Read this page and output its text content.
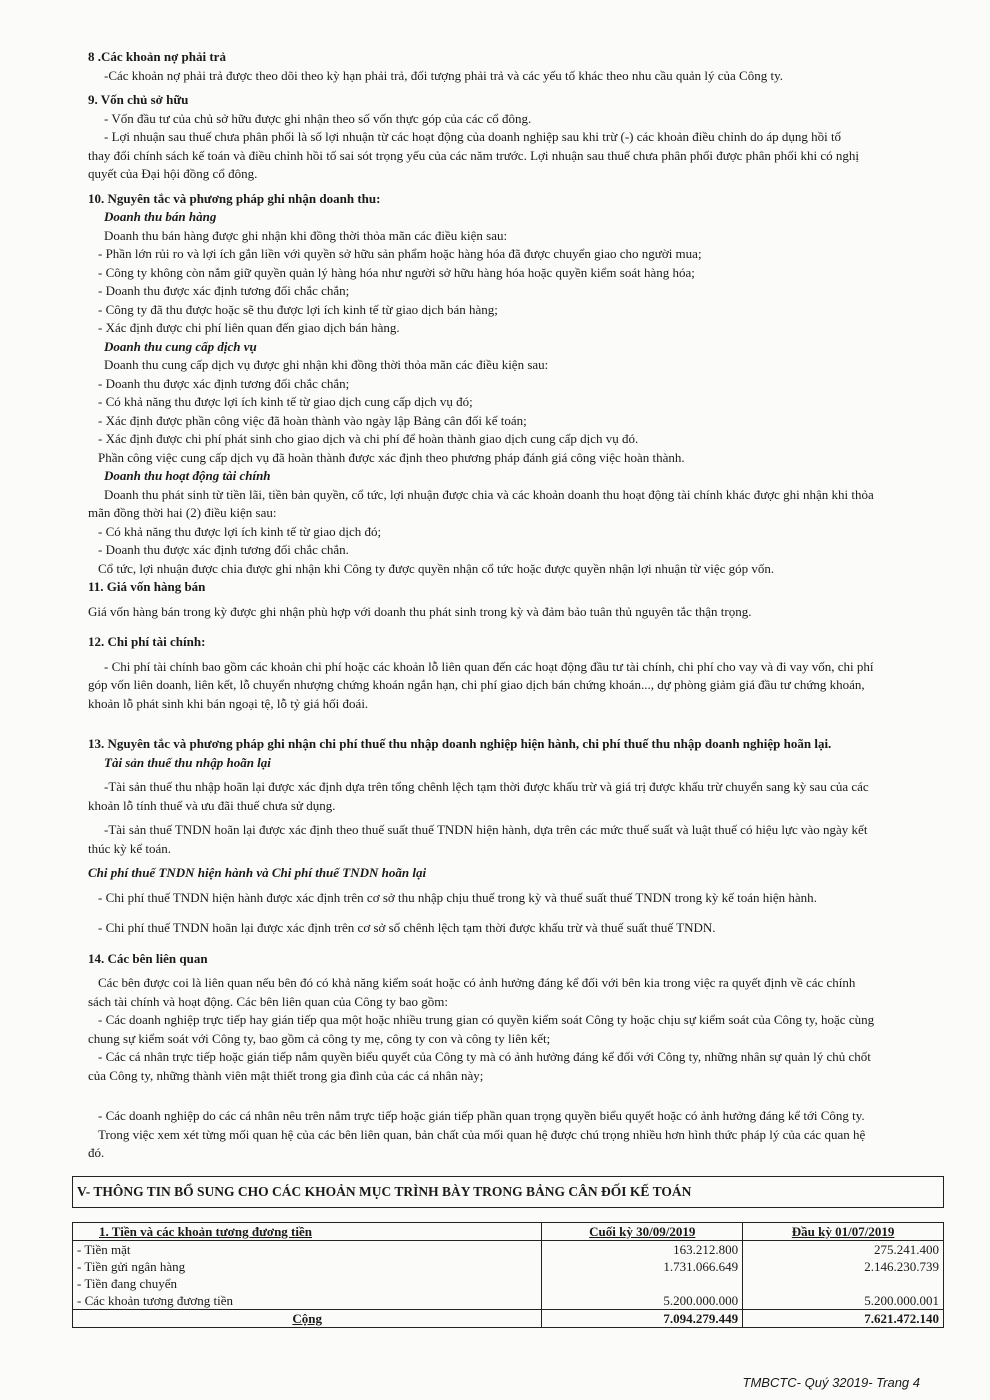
8 .Các khoản nợ phải trả

-Các khoản nợ phải trả được theo dõi theo kỳ hạn phải trả, đối tượng phải trả và các yếu tố khác theo nhu cầu quản lý của Công ty.

9. Vốn chủ sở hữu

- Vốn đầu tư của chủ sở hữu được ghi nhận theo số vốn thực góp của các cổ đông.

- Lợi nhuận sau thuế chưa phân phối là số lợi nhuận từ các hoạt động của doanh nghiệp sau khi trừ (-) các khoản điều chỉnh do áp dụng hồi tố

thay đổi chính sách kế toán và điều chỉnh hồi tố sai sót trọng yếu của các năm trước. Lợi nhuận sau thuế chưa phân phối được phân phối khi có nghị

quyết của Đại hội đồng cổ đông.

10. Nguyên tắc và phương pháp ghi nhận doanh thu:

Doanh thu bán hàng

Doanh thu bán hàng được ghi nhận khi đồng thời thỏa mãn các điều kiện sau:

- Phần lớn rủi ro và lợi ích gắn liền với quyền sở hữu sản phẩm hoặc hàng hóa đã được chuyển giao cho người mua;

- Công ty không còn nắm giữ quyền quản lý hàng hóa như người sở hữu hàng hóa hoặc quyền kiểm soát hàng hóa;

- Doanh thu được xác định tương đối chắc chắn;

- Công ty đã thu được hoặc sẽ thu được lợi ích kinh tế từ giao dịch bán hàng;

- Xác định được chi phí liên quan đến giao dịch bán hàng.

Doanh thu cung cấp dịch vụ

Doanh thu cung cấp dịch vụ được ghi nhận khi đồng thời thỏa mãn các điều kiện sau:

- Doanh thu được xác định tương đối chắc chắn;

- Có khả năng thu được lợi ích kinh tế từ giao dịch cung cấp dịch vụ đó;

- Xác định được phần công việc đã hoàn thành vào ngày lập Bảng cân đối kế toán;

- Xác định được chi phí phát sinh cho giao dịch và chi phí để hoàn thành giao dịch cung cấp dịch vụ đó.

Phần công việc cung cấp dịch vụ đã hoàn thành được xác định theo phương pháp đánh giá công việc hoàn thành.

Doanh thu hoạt động tài chính

Doanh thu phát sinh từ tiền lãi, tiền bản quyền, cổ tức, lợi nhuận được chia và các khoản doanh thu hoạt động tài chính khác được ghi nhận khi thỏa

mãn đồng thời hai (2) điều kiện sau:

- Có khả năng thu được lợi ích kinh tế từ giao dịch đó;

- Doanh thu được xác định tương đối chắc chắn.

Cổ tức, lợi nhuận được chia được ghi nhận khi Công ty được quyền nhận cổ tức hoặc được quyền nhận lợi nhuận từ việc góp vốn.

11. Giá vốn hàng bán

Giá vốn hàng bán trong kỳ được ghi nhận phù hợp với doanh thu phát sinh trong kỳ và đảm bảo tuân thủ nguyên tắc thận trọng.

12. Chi phí tài chính:

- Chi phí tài chính bao gồm các khoản chi phí hoặc các khoản lỗ liên quan đến các hoạt động đầu tư tài chính, chi phí cho vay và đi vay vốn, chi phí

góp vốn liên doanh, liên kết, lỗ chuyển nhượng chứng khoán ngắn hạn, chi phí giao dịch bán chứng khoán..., dự phòng giảm giá đầu tư chứng khoán,

khoản lỗ phát sinh khi bán ngoại tệ, lỗ tỷ giá hối đoái.

13. Nguyên tắc và phương pháp ghi nhận chi phí thuế thu nhập doanh nghiệp hiện hành, chi phí thuế thu nhập doanh nghiệp hoãn lại.

Tài sản thuế thu nhập hoãn lại

-Tài sản thuế thu nhập hoãn lại được xác định dựa trên tổng chênh lệch tạm thời được khấu trừ và giá trị được khấu trừ chuyển sang kỳ sau của các

khoản lỗ tính thuế và ưu đãi thuế chưa sử dụng.

-Tài sản thuế TNDN hoãn lại được xác định theo thuế suất thuế TNDN hiện hành, dựa trên các mức thuế suất và luật thuế có hiệu lực vào ngày kết

thúc kỳ kế toán.

Chi phí thuế TNDN hiện hành và Chi phí thuế TNDN hoãn lại

- Chi phí thuế TNDN hiện hành được xác định trên cơ sở thu nhập chịu thuế trong kỳ và thuế suất thuế TNDN trong kỳ kế toán hiện hành.

- Chi phí thuế TNDN hoãn lại được xác định trên cơ sở số chênh lệch tạm thời được khấu trừ và thuế suất thuế TNDN.

14. Các bên liên quan

Các bên được coi là liên quan nếu bên đó có khả năng kiểm soát hoặc có ảnh hưởng đáng kể đối với bên kia trong việc ra quyết định về các chính

sách tài chính và hoạt động. Các bên liên quan của Công ty bao gồm:

- Các doanh nghiệp trực tiếp hay gián tiếp qua một hoặc nhiều trung gian có quyền kiểm soát Công ty hoặc chịu sự kiểm soát của Công ty, hoặc cùng

chung sự kiểm soát với Công ty, bao gồm cả công ty mẹ, công ty con và công ty liên kết;

- Các cá nhân trực tiếp hoặc gián tiếp nắm quyền biểu quyết của Công ty mà có ảnh hưởng đáng kể đối với Công ty, những nhân sự quản lý chủ chốt

của Công ty, những thành viên mật thiết trong gia đình của các cá nhân này;

- Các doanh nghiệp do các cá nhân nêu trên nắm trực tiếp hoặc gián tiếp phần quan trọng quyền biểu quyết hoặc có ảnh hưởng đáng kể tới Công ty.

Trong việc xem xét từng mối quan hệ của các bên liên quan, bản chất của mối quan hệ được chú trọng nhiều hơn hình thức pháp lý của các quan hệ

đó.

V- THÔNG TIN BỔ SUNG CHO CÁC KHOẢN MỤC TRÌNH BÀY TRONG BẢNG CÂN ĐỐI KẾ TOÁN
1. Tiền và các khoản tương đương tiền	Cuối kỳ 30/09/2019	Đầu kỳ 01/07/2019
- Tiền mặt	163.212.800	275.241.400
- Tiền gửi ngân hàng	1.731.066.649	2.146.230.739
- Tiền đang chuyển		
- Các khoản tương đương tiền	5.200.000.000	5.200.000.001
Cộng	7.094.279.449	7.621.472.140
TMBCTC- Quý 32019- Trang 4
